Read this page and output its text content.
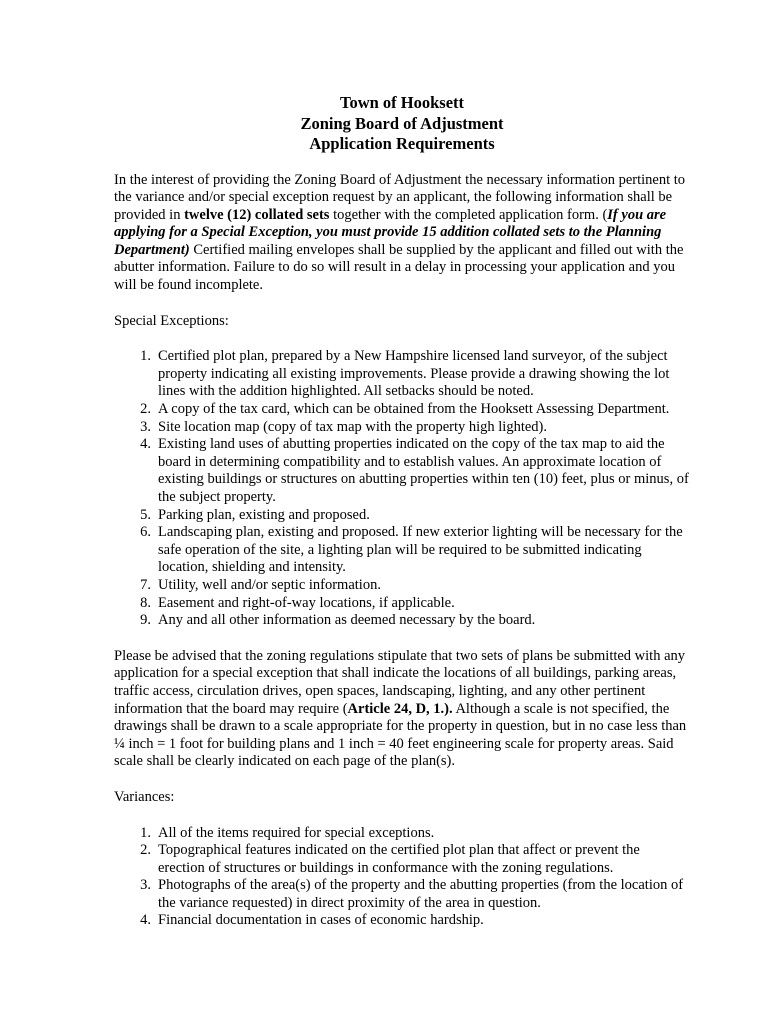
Town of Hooksett
Zoning Board of Adjustment
Application Requirements

In the interest of providing the Zoning Board of Adjustment the necessary information pertinent to the variance and/or special exception request by an applicant, the following information shall be provided in twelve (12) collated sets together with the completed application form. (If you are applying for a Special Exception, you must provide 15 addition collated sets to the Planning Department) Certified mailing envelopes shall be supplied by the applicant and filled out with the abutter information. Failure to do so will result in a delay in processing your application and you will be found incomplete.

Special Exceptions:

1. Certified plot plan, prepared by a New Hampshire licensed land surveyor, of the subject property indicating all existing improvements. Please provide a drawing showing the lot lines with the addition highlighted. All setbacks should be noted.
2. A copy of the tax card, which can be obtained from the Hooksett Assessing Department.
3. Site location map (copy of tax map with the property high lighted).
4. Existing land uses of abutting properties indicated on the copy of the tax map to aid the board in determining compatibility and to establish values. An approximate location of existing buildings or structures on abutting properties within ten (10) feet, plus or minus, of the subject property.
5. Parking plan, existing and proposed.
6. Landscaping plan, existing and proposed. If new exterior lighting will be necessary for the safe operation of the site, a lighting plan will be required to be submitted indicating location, shielding and intensity.
7. Utility, well and/or septic information.
8. Easement and right-of-way locations, if applicable.
9. Any and all other information as deemed necessary by the board.

Please be advised that the zoning regulations stipulate that two sets of plans be submitted with any application for a special exception that shall indicate the locations of all buildings, parking areas, traffic access, circulation drives, open spaces, landscaping, lighting, and any other pertinent information that the board may require (Article 24, D, 1.). Although a scale is not specified, the drawings shall be drawn to a scale appropriate for the property in question, but in no case less than ¼ inch = 1 foot for building plans and 1 inch = 40 feet engineering scale for property areas. Said scale shall be clearly indicated on each page of the plan(s).

Variances:

1. All of the items required for special exceptions.
2. Topographical features indicated on the certified plot plan that affect or prevent the erection of structures or buildings in conformance with the zoning regulations.
3. Photographs of the area(s) of the property and the abutting properties (from the location of the variance requested) in direct proximity of the area in question.
4. Financial documentation in cases of economic hardship.
